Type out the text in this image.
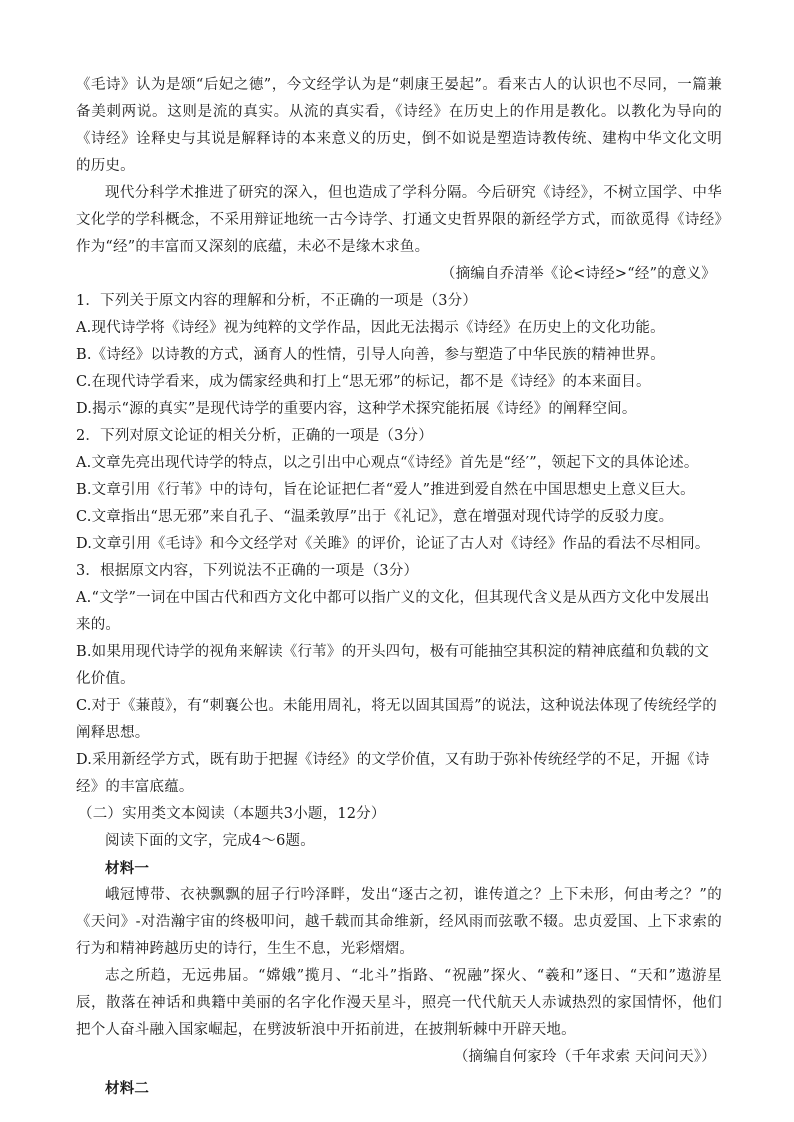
《毛诗》认为是颂“后妃之德”，今文经学认为是“刺康王晏起”。看来古人的认识也不尽同，一篇兼备美刺两说。这则是流的真实。从流的真实看，《诗经》在历史上的作用是教化。以教化为导向的《诗经》诠释史与其说是解释诗的本来意义的历史，倒不如说是塑造诗教传统、建构中华文化文明的历史。

现代分科学术推进了研究的深入，但也造成了学科分隔。今后研究《诗经》，不树立国学、中华文化学的学科概念，不采用辩证地统一古今诗学、打通文史哲界限的新经学方式，而欲觅得《诗经》作为“经”的丰富而又深刻的底蕴，未必不是缘木求鱼。

（摘编自乔清举《论<诗经>“经”的意义》

1．下列关于原文内容的理解和分析，不正确的一项是（3分）

A.现代诗学将《诗经》视为纯粹的文学作品，因此无法揭示《诗经》在历史上的文化功能。

B.《诗经》以诗教的方式，涵育人的性情，引导人向善，参与塑造了中华民族的精神世界。

C.在现代诗学看来，成为儒家经典和打上“思无邪”的标记，都不是《诗经》的本来面目。

D.揭示“源的真实”是现代诗学的重要内容，这种学术探究能拓展《诗经》的阐释空间。

2．下列对原文论证的相关分析，正确的一项是（3分）

A.文章先亮出现代诗学的特点，以之引出中心观点“《诗经》首先是“经′”，领起下文的具体论述。

B.文章引用《行苇》中的诗句，旨在论证把仁者“爱人”推进到爱自然在中国思想史上意义巨大。

C.文章指出“思无邪”来自孔子、“温柔敦厚”出于《礼记》，意在增强对现代诗学的反驳力度。

D.文章引用《毛诗》和今文经学对《关雎》的评价，论证了古人对《诗经》作品的看法不尽相同。

3．根据原文内容，下列说法不正确的一项是（3分）

A.“文学”一词在中国古代和西方文化中都可以指广义的文化，但其现代含义是从西方文化中发展出来的。

B.如果用现代诗学的视角来解读《行苇》的开头四句，极有可能抽空其积淀的精神底蕴和负载的文化价值。

C.对于《蒹葭》，有“刺襄公也。未能用周礼，将无以固其国焉”的说法，这种说法体现了传统经学的阐释思想。

D.采用新经学方式，既有助于把握《诗经》的文学价值，又有助于弥补传统经学的不足，开掘《诗经》的丰富底蕴。

（二）实用类文本阅读（本题共3小题，12分）

阅读下面的文字，完成4～6题。

材料一

峨冠博带、衣袂飘飘的屈子行吟泽畔，发出“逐古之初，谁传道之？上下未形，何由考之？”的《天问》-对浩瀚宇宙的终极叩问，越千载而其命维新，经风雨而弦歌不辍。忠贞爱国、上下求索的行为和精神跨越历史的诗行，生生不息，光彩熠熠。

志之所趋，无远弗届。“嫦娥”揽月、“北斗”指路、“祝融”探火、“羲和”逐日、“天和”遨游星辰，散落在神话和典籍中美丽的名字化作漫天星斗，照亮一代代航天人赤诚热烈的家国情怀，他们把个人奋斗融入国家崛起，在劈波斩浪中开拓前进，在披荆斩棘中开辟天地。

（摘编自何家玲（千年求索 天问问天》）

材料二
